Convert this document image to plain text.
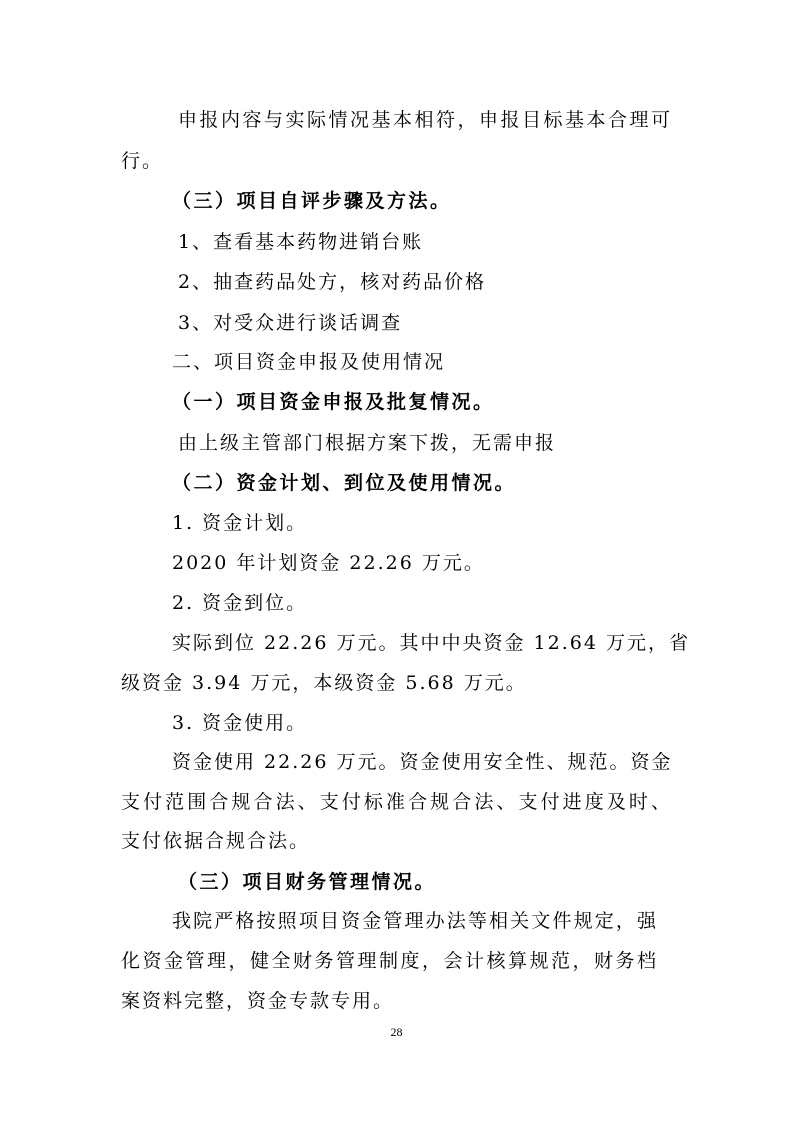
申报内容与实际情况基本相符，申报目标基本合理可
行。
（三）项目自评步骤及方法。
1、查看基本药物进销台账
2、抽查药品处方，核对药品价格
3、对受众进行谈话调查
二、项目资金申报及使用情况
（一）项目资金申报及批复情况。
由上级主管部门根据方案下拨，无需申报
（二）资金计划、到位及使用情况。
1. 资金计划。
2020 年计划资金 22.26 万元。
2. 资金到位。
实际到位 22.26 万元。其中中央资金 12.64 万元，省
级资金 3.94 万元，本级资金 5.68 万元。
3. 资金使用。
资金使用 22.26 万元。资金使用安全性、规范。资金
支付范围合规合法、支付标准合规合法、支付进度及时、
支付依据合规合法。
（三）项目财务管理情况。
我院严格按照项目资金管理办法等相关文件规定，强
化资金管理，健全财务管理制度，会计核算规范，财务档
案资料完整，资金专款专用。
28
